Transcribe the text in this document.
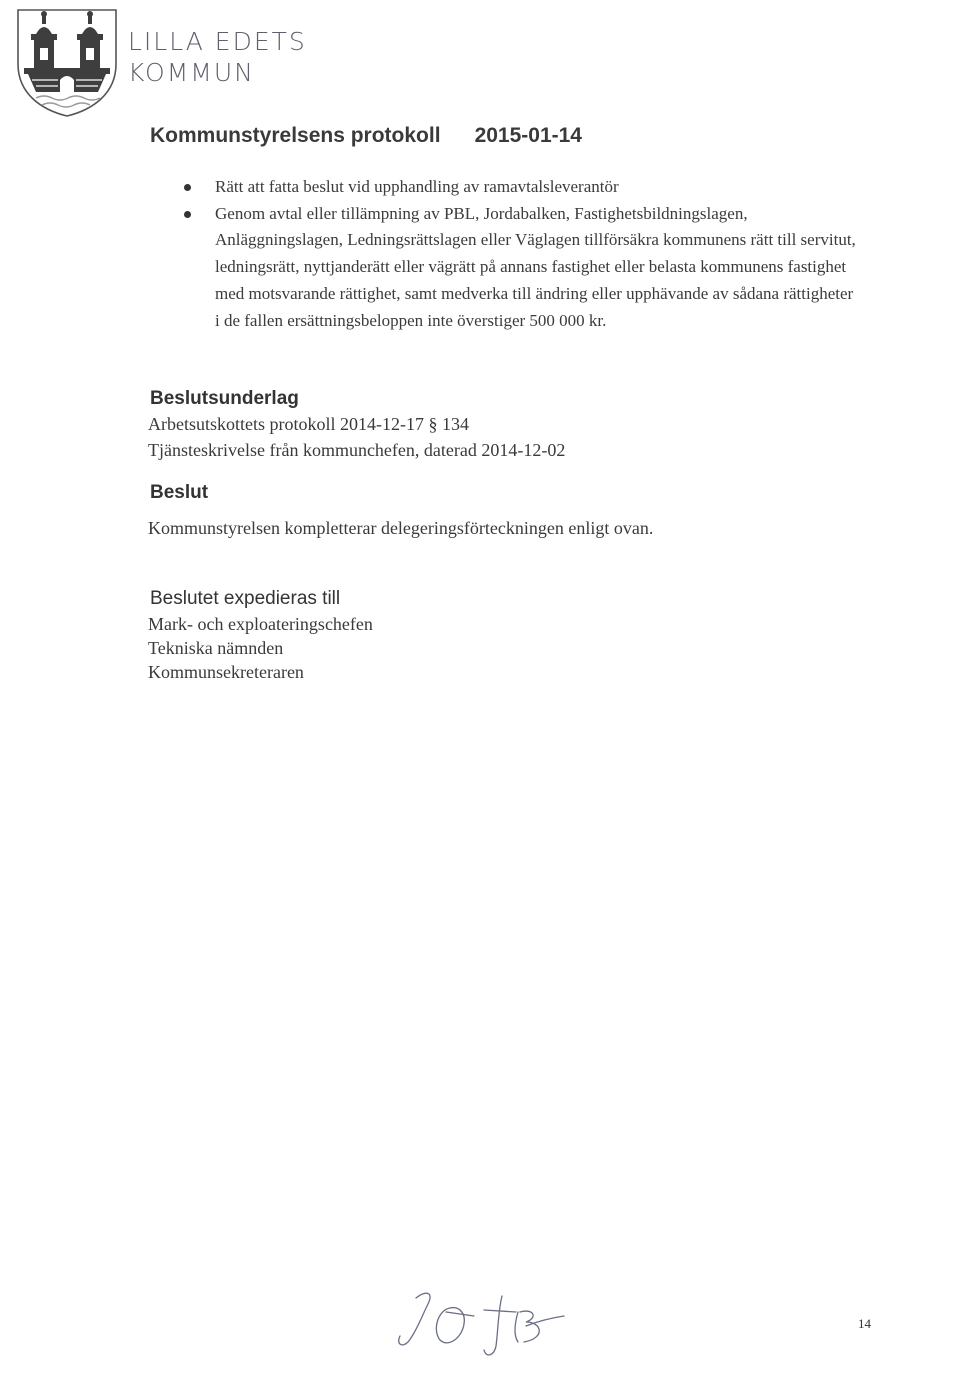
LILLA EDETS
KOMMUN
Kommunstyrelsens protokoll 2015-01-14
Rätt att fatta beslut vid upphandling av ramavtalsleverantör
Genom avtal eller tillämpning av PBL, Jordabalken, Fastighetsbildningslagen, Anläggningslagen, Ledningsrättslagen eller Väglagen tillförsäkra kommunens rätt till servitut, ledningsrätt, nyttjanderätt eller vägrätt på annans fastighet eller belasta kommunens fastighet med motsvarande rättighet, samt medverka till ändring eller upphävande av sådana rättigheter i de fallen ersättningsbeloppen inte överstiger 500 000 kr.
Beslutsunderlag
Arbetsutskottets protokoll 2014-12-17 § 134
Tjänsteskrivelse från kommunchefen, daterad 2014-12-02
Beslut
Kommunstyrelsen kompletterar delegeringsförteckningen enligt ovan.
Beslutet expedieras till
Mark- och exploateringschefen
Tekniska nämnden
Kommunsekreteraren
14
